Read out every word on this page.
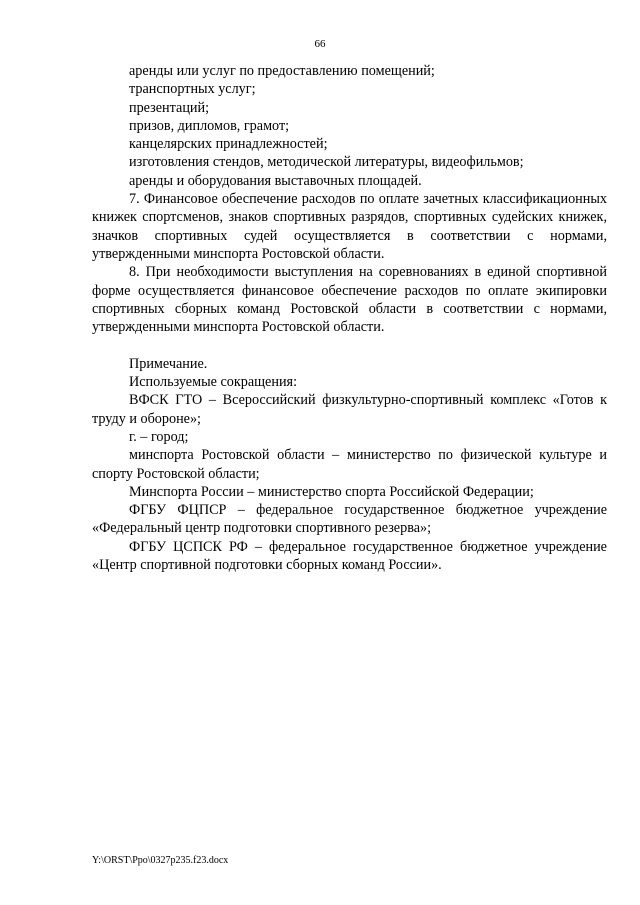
66

аренды или услуг по предоставлению помещений;

транспортных услуг;

презентаций;

призов, дипломов, грамот;

канцелярских принадлежностей;

изготовления стендов, методической литературы, видеофильмов;

аренды и оборудования выставочных площадей.

7. Финансовое обеспечение расходов по оплате зачетных классификационных книжек спортсменов, знаков спортивных разрядов, спортивных судейских книжек, значков спортивных судей осуществляется в соответствии с нормами, утвержденными минспорта Ростовской области.

8. При необходимости выступления на соревнованиях в единой спортивной форме осуществляется финансовое обеспечение расходов по оплате экипировки спортивных сборных команд Ростовской области в соответствии с нормами, утвержденными минспорта Ростовской области.

Примечание.

Используемые сокращения:

ВФСК ГТО – Всероссийский физкультурно-спортивный комплекс «Готов к труду и обороне»;

г. – город;

минспорта Ростовской области – министерство по физической культуре и спорту Ростовской области;

Минспорта России – министерство спорта Российской Федерации;

ФГБУ ФЦПСР – федеральное государственное бюджетное учреждение «Федеральный центр подготовки спортивного резерва»;

ФГБУ ЦСПСК РФ – федеральное государственное бюджетное учреждение «Центр спортивной подготовки сборных команд России».

Y:\ORST\Ppo\0327p235.f23.docx
